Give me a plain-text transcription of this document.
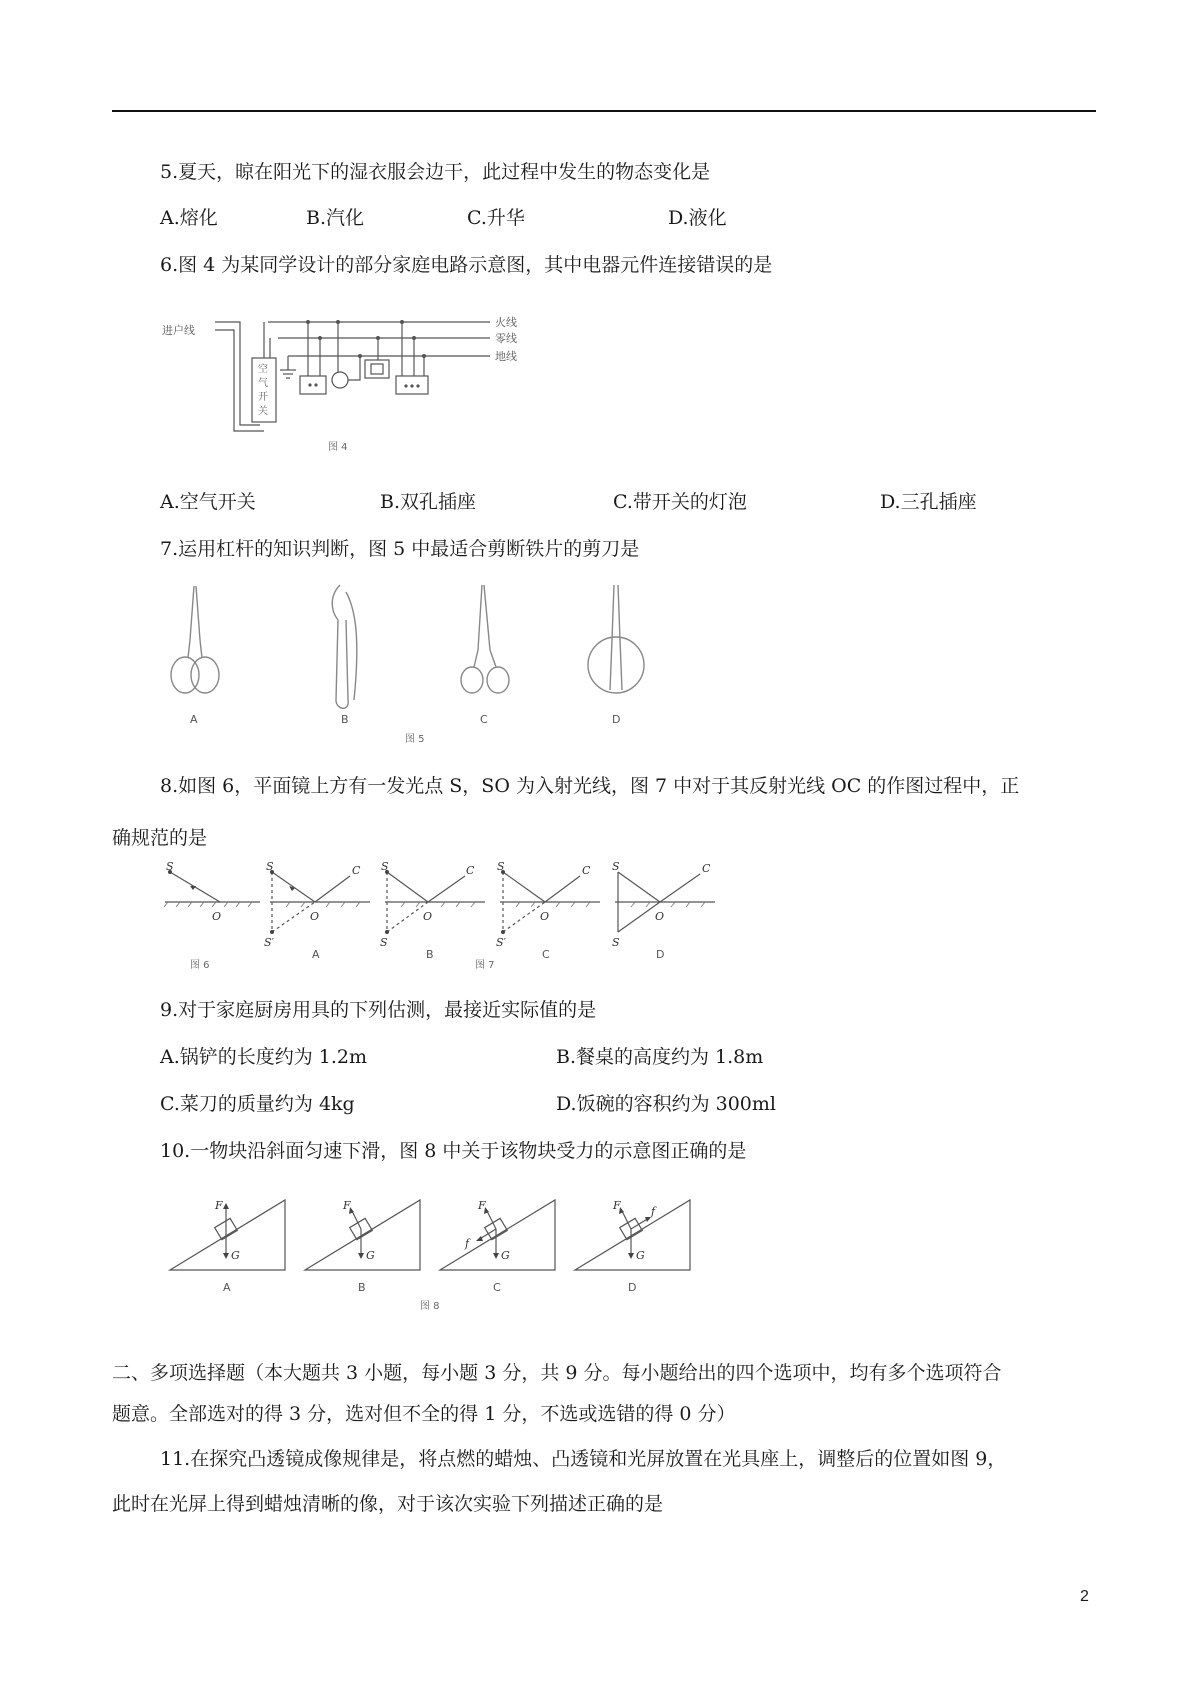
5.夏天，晾在阳光下的湿衣服会边干，此过程中发生的物态变化是
A.熔化	B.汽化	C.升华	D.液化
6.图 4 为某同学设计的部分家庭电路示意图，其中电器元件连接错误的是
进户线
火线
零线
地线
空
气
开
关
图 4
A.空气开关	B.双孔插座	C.带开关的灯泡	D.三孔插座
7.运用杠杆的知识判断，图 5 中最适合剪断铁片的剪刀是
A	B	C	D
图 5
8.如图 6，平面镜上方有一发光点 S，SO 为入射光线，图 7 中对于其反射光线 OC 的作图过程中，正
确规范的是
S
O
S
O
C
S′
S
O
C
S
S
O
C
S′
S
O
C
S
图 6
A	B
图 7
C	D
9.对于家庭厨房用具的下列估测，最接近实际值的是
A.锅铲的长度约为 1.2m	B.餐桌的高度约为 1.8m
C.菜刀的质量约为 4kg	D.饭碗的容积约为 300ml
10.一物块沿斜面匀速下滑，图 8 中关于该物块受力的示意图正确的是
F
G
F
G
F
G
f
F
G
f
A	B	C	D
图 8
二、多项选择题（本大题共 3 小题，每小题 3 分，共 9 分。每小题给出的四个选项中，均有多个选项符合
题意。全部选对的得 3 分，选对但不全的得 1 分，不选或选错的得 0 分）
11.在探究凸透镜成像规律是，将点燃的蜡烛、凸透镜和光屏放置在光具座上，调整后的位置如图 9，
此时在光屏上得到蜡烛清晰的像，对于该次实验下列描述正确的是
2
